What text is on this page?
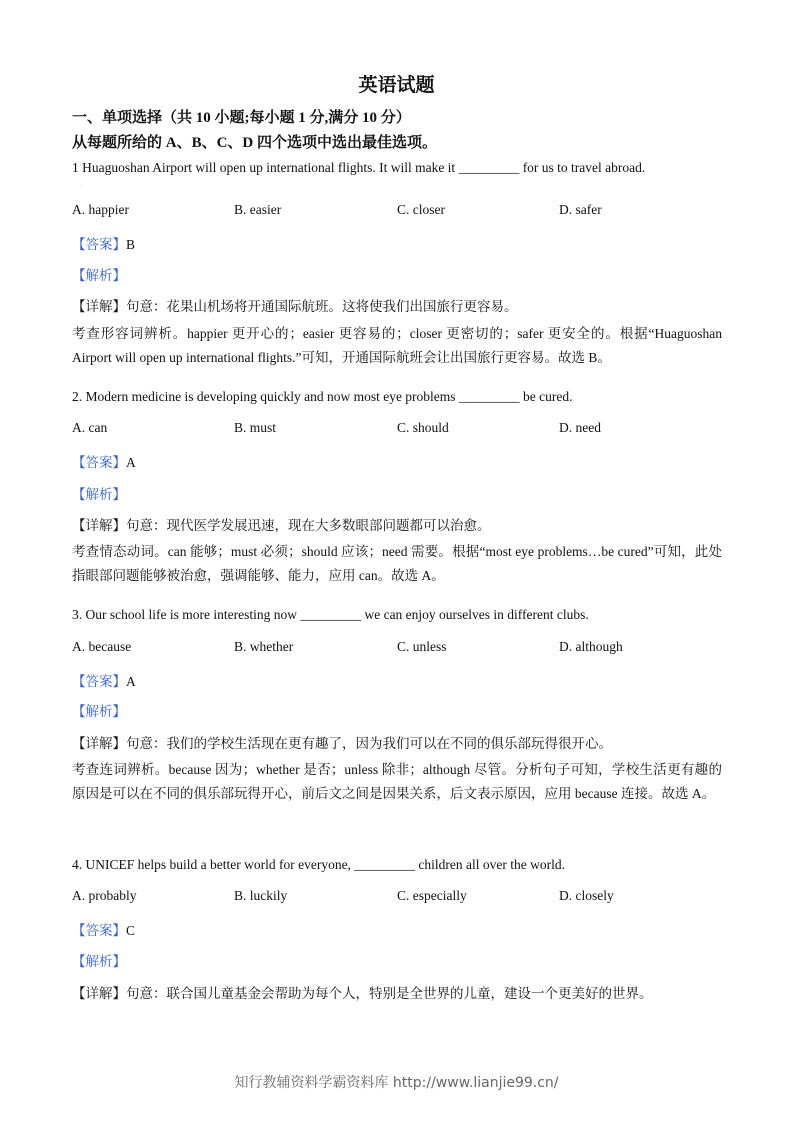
英语试题
一、单项选择（共 10 小题;每小题 1 分,满分 10 分）
从每题所给的 A、B、C、D 四个选项中选出最佳选项。
1 Huaguoshan Airport will open up international flights. It will make it _________ for us to travel abroad.
·
A. happier	B. easier	C. closer	D. safer
【答案】B
【解析】
【详解】句意：花果山机场将开通国际航班。这将使我们出国旅行更容易。
考查形容词辨析。happier 更开心的；easier 更容易的；closer 更密切的；safer 更安全的。根据“Huaguoshan Airport will open up international flights.”可知，开通国际航班会让出国旅行更容易。故选 B。
2. Modern medicine is developing quickly and now most eye problems _________ be cured.
A. can	B. must	C. should	D. need
【答案】A
【解析】
【详解】句意：现代医学发展迅速，现在大多数眼部问题都可以治愈。
考查情态动词。can 能够；must 必须；should 应该；need 需要。根据“most eye problems…be cured”可知，此处指眼部问题能够被治愈，强调能够、能力，应用 can。故选 A。
3. Our school life is more interesting now _________ we can enjoy ourselves in different clubs.
A. because	B. whether	C. unless	D. although
【答案】A
【解析】
【详解】句意：我们的学校生活现在更有趣了，因为我们可以在不同的俱乐部玩得很开心。
考查连词辨析。because 因为；whether 是否；unless 除非；although 尽管。分析句子可知，学校生活更有趣的原因是可以在不同的俱乐部玩得开心，前后文之间是因果关系，后文表示原因，应用 because 连接。故选 A。
4. UNICEF helps build a better world for everyone, _________ children all over the world.
A. probably	B. luckily	C. especially	D. closely
【答案】C
【解析】
【详解】句意：联合国儿童基金会帮助为每个人，特别是全世界的儿童，建设一个更美好的世界。
知行教辅资料学霸资料库 http://www.lianjie99.cn/
